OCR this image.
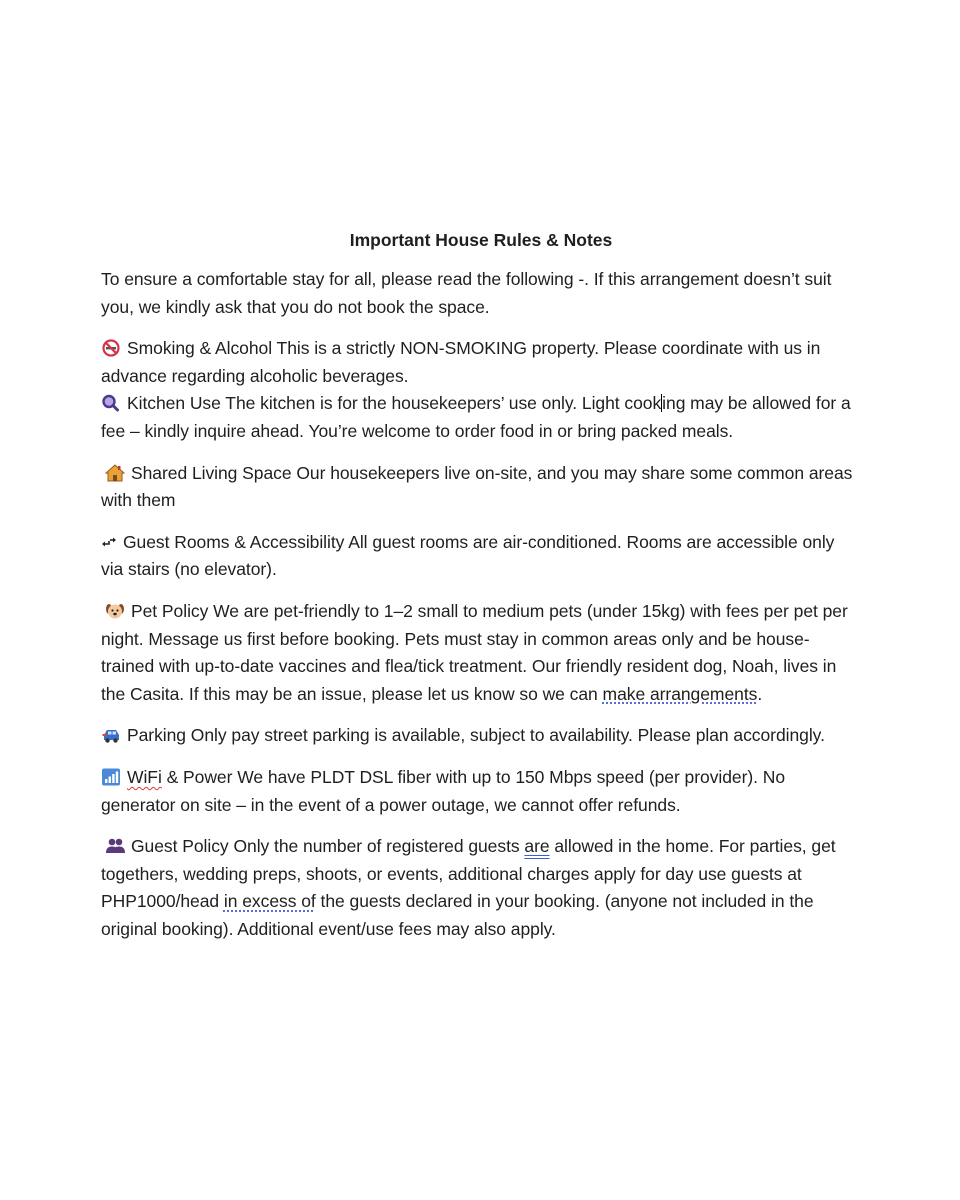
Important House Rules & Notes

To ensure a comfortable stay for all, please read the following -. If this arrangement doesn’t suit you, we kindly ask that you do not book the space.

Smoking & Alcohol This is a strictly NON-SMOKING property. Please coordinate with us in advance regarding alcoholic beverages.

Kitchen Use The kitchen is for the housekeepers’ use only. Light cooking may be allowed for a fee – kindly inquire ahead. You’re welcome to order food in or bring packed meals.

Shared Living Space Our housekeepers live on-site, and you may share some common areas with them

Guest Rooms & Accessibility All guest rooms are air-conditioned. Rooms are accessible only via stairs (no elevator).

Pet Policy We are pet-friendly to 1–2 small to medium pets (under 15kg) with fees per pet per night. Message us first before booking. Pets must stay in common areas only and be house-trained with up-to-date vaccines and flea/tick treatment. Our friendly resident dog, Noah, lives in the Casita. If this may be an issue, please let us know so we can make arrangements.

Parking Only pay street parking is available, subject to availability. Please plan accordingly.

WiFi & Power We have PLDT DSL fiber with up to 150 Mbps speed (per provider). No generator on site – in the event of a power outage, we cannot offer refunds.

Guest Policy Only the number of registered guests are allowed in the home. For parties, get togethers, wedding preps, shoots, or events, additional charges apply for day use guests at PHP1000/head in excess of the guests declared in your booking. (anyone not included in the original booking). Additional event/use fees may also apply.
